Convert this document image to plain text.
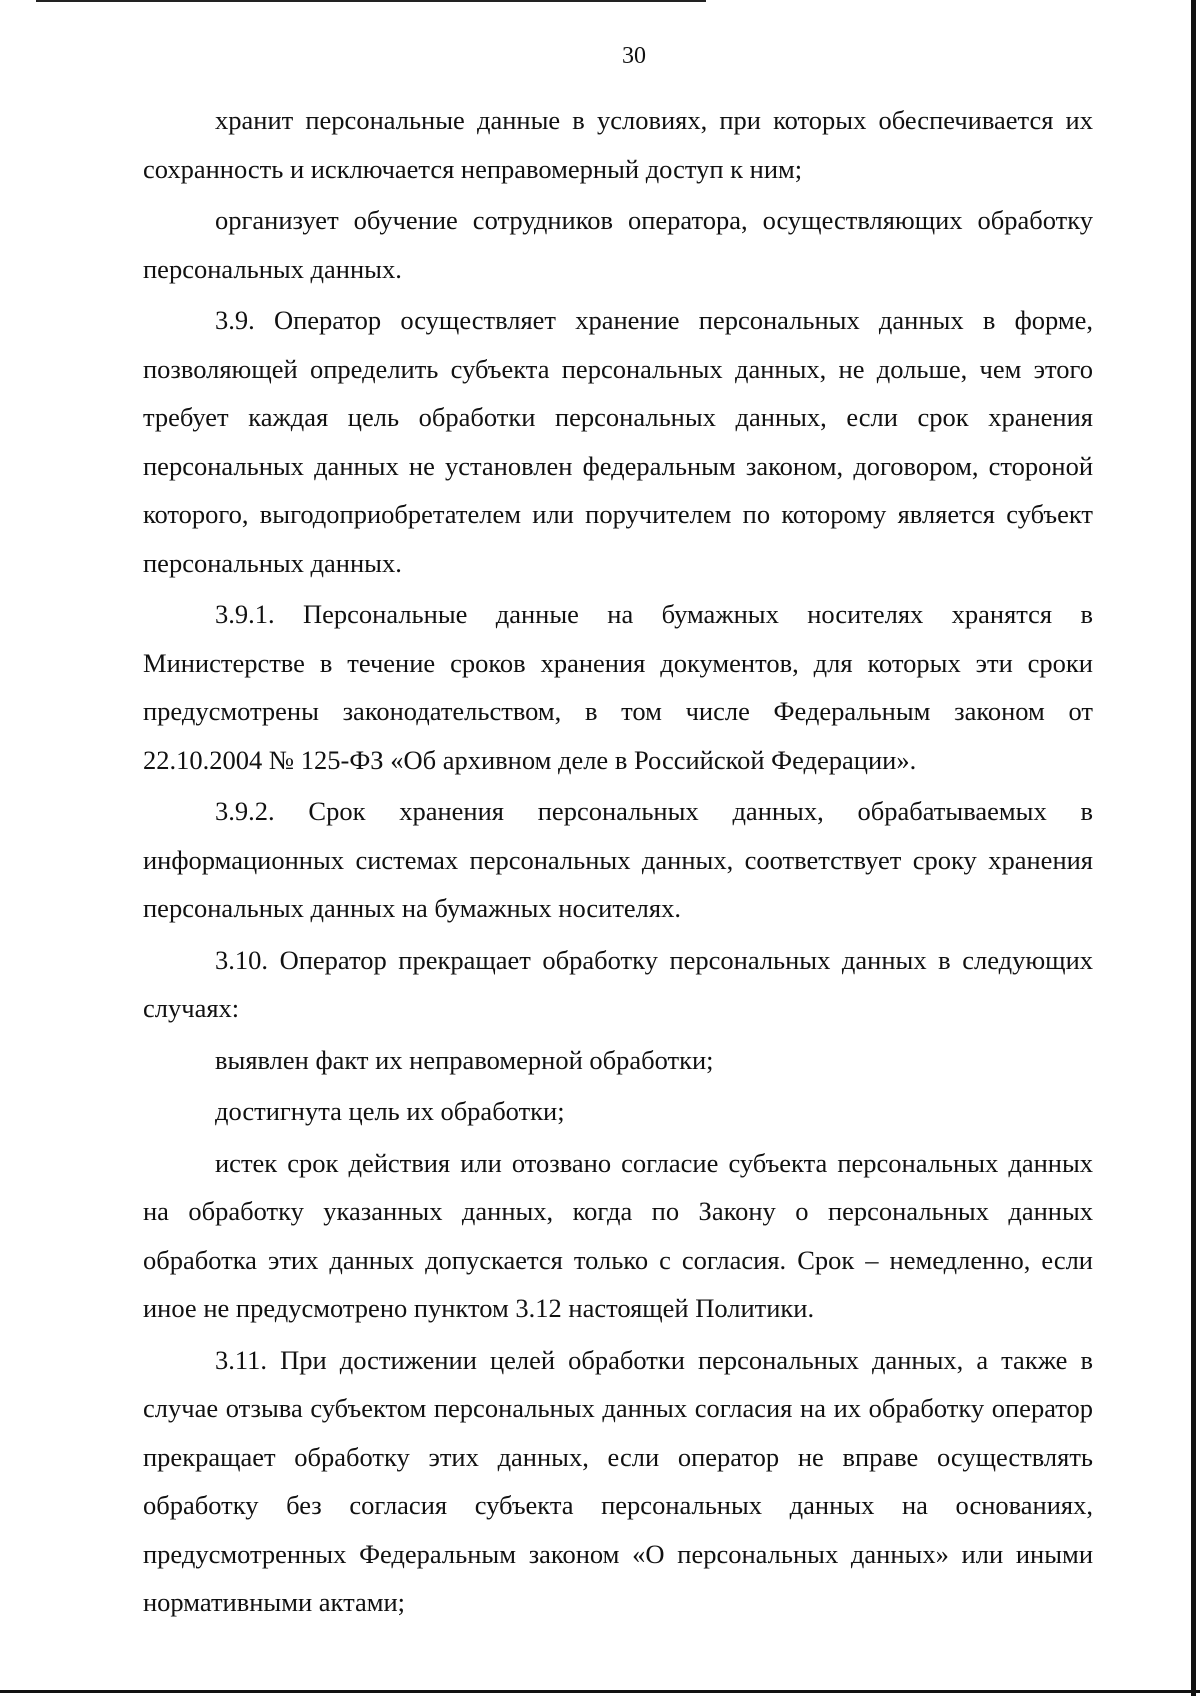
30

хранит персональные данные в условиях, при которых обеспечивается их сохранность и исключается неправомерный доступ к ним;

организует обучение сотрудников оператора, осуществляющих обработку персональных данных.

3.9. Оператор осуществляет хранение персональных данных в форме, позволяющей определить субъекта персональных данных, не дольше, чем этого требует каждая цель обработки персональных данных, если срок хранения персональных данных не установлен федеральным законом, договором, стороной которого, выгодоприобретателем или поручителем по которому является субъект персональных данных.

3.9.1. Персональные данные на бумажных носителях хранятся в Министерстве в течение сроков хранения документов, для которых эти сроки предусмотрены законодательством, в том числе Федеральным законом от 22.10.2004 № 125-ФЗ «Об архивном деле в Российской Федерации».

3.9.2. Срок хранения персональных данных, обрабатываемых в информационных системах персональных данных, соответствует сроку хранения персональных данных на бумажных носителях.

3.10. Оператор прекращает обработку персональных данных в следующих случаях:

выявлен факт их неправомерной обработки;

достигнута цель их обработки;

истек срок действия или отозвано согласие субъекта персональных данных на обработку указанных данных, когда по Закону о персональных данных обработка этих данных допускается только с согласия. Срок – немедленно, если иное не предусмотрено пунктом 3.12 настоящей Политики.

3.11. При достижении целей обработки персональных данных, а также в случае отзыва субъектом персональных данных согласия на их обработку оператор прекращает обработку этих данных, если оператор не вправе осуществлять обработку без согласия субъекта персональных данных на основаниях, предусмотренных Федеральным законом «О персональных данных» или иными нормативными актами;
